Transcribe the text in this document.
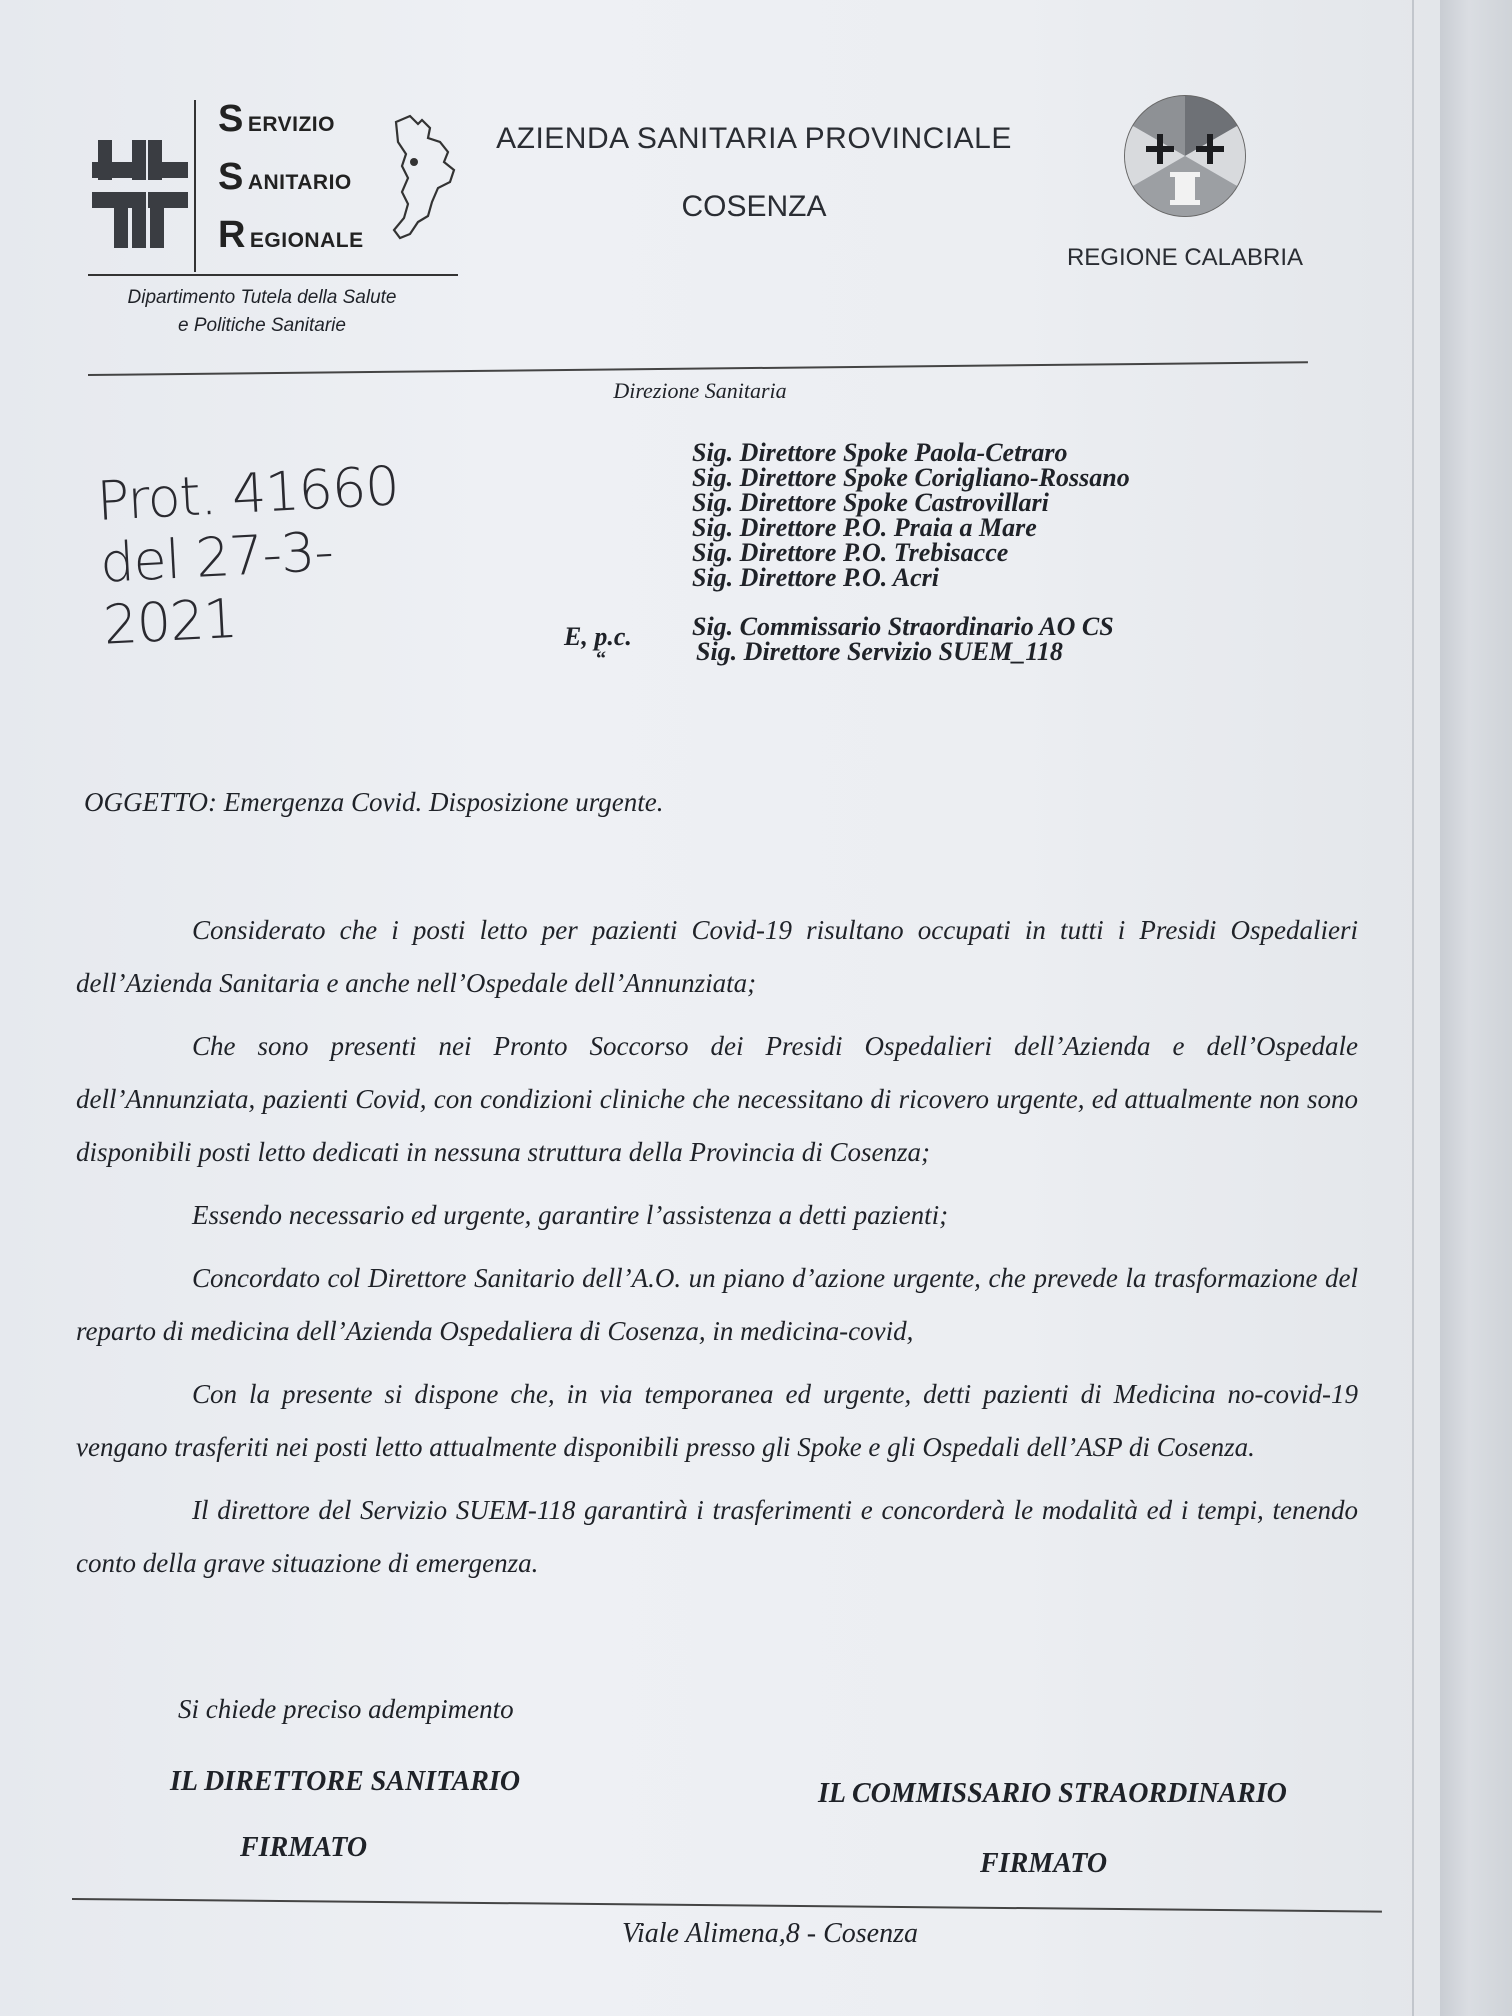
S ERVIZIO
S ANITARIO
R EGIONALE
Dipartimento Tutela della Salute
e Politiche Sanitarie
AZIENDA SANITARIA PROVINCIALE
COSENZA
REGIONE CALABRIA
Direzione Sanitaria
Prot. 41660
del 27-3-2021
Sig. Direttore Spoke Paola-Cetraro
Sig. Direttore Spoke Corigliano-Rossano
Sig. Direttore Spoke Castrovillari
Sig. Direttore P.O. Praia a Mare
Sig. Direttore P.O. Trebisacce
Sig. Direttore P.O. Acri
E, p.c.
“
Sig. Commissario Straordinario AO CS
Sig. Direttore Servizio SUEM_118
OGGETTO: Emergenza Covid. Disposizione urgente.

Considerato che i posti letto per pazienti Covid-19 risultano occupati in tutti i Presidi Ospedalieri dell’Azienda Sanitaria e anche nell’Ospedale dell’Annunziata;

Che sono presenti nei Pronto Soccorso dei Presidi Ospedalieri dell’Azienda e dell’Ospedale dell’Annunziata, pazienti Covid, con condizioni cliniche che necessitano di ricovero urgente, ed attualmente non sono disponibili posti letto dedicati in nessuna struttura della Provincia di Cosenza;

Essendo necessario ed urgente, garantire l’assistenza a detti pazienti;

Concordato col Direttore Sanitario dell’A.O. un piano d’azione urgente, che prevede la trasformazione del reparto di medicina dell’Azienda Ospedaliera di Cosenza, in medicina-covid,

Con la presente si dispone che, in via temporanea ed urgente, detti pazienti di Medicina no-covid-19 vengano trasferiti nei posti letto attualmente disponibili presso gli Spoke e gli Ospedali dell’ASP di Cosenza.

Il direttore del Servizio SUEM-118 garantirà i trasferimenti e concorderà le modalità ed i tempi, tenendo conto della grave situazione di emergenza.

Si chiede preciso adempimento
IL DIRETTORE SANITARIO
FIRMATO
IL COMMISSARIO STRAORDINARIO
FIRMATO
Viale Alimena,8 - Cosenza
